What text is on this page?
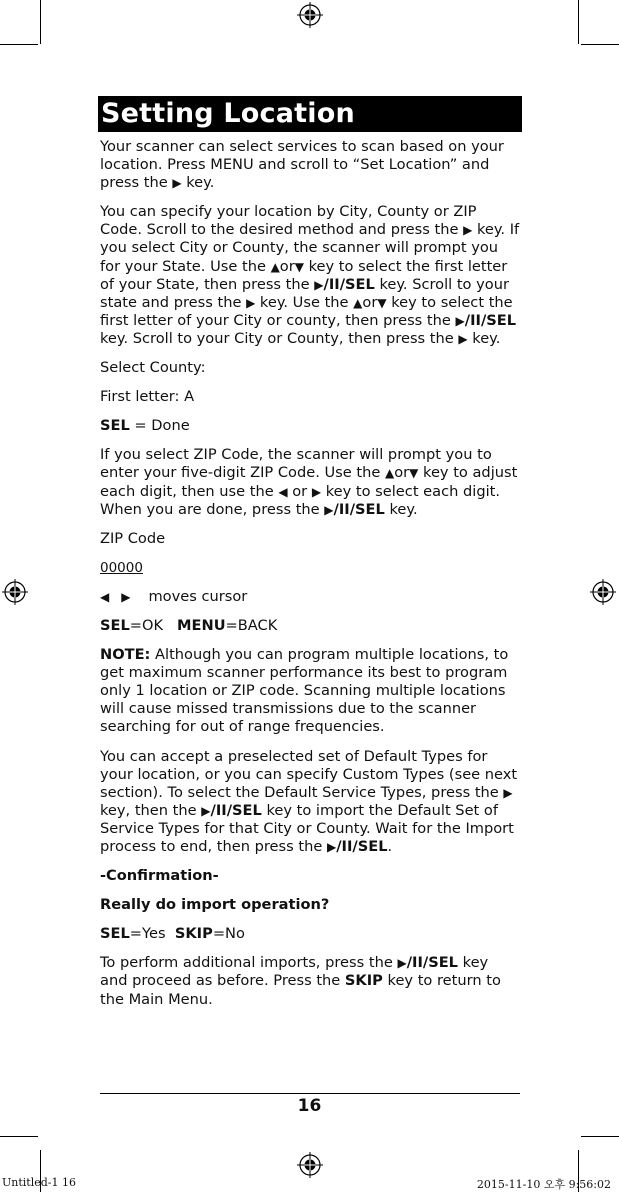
Setting Location

Your scanner can select services to scan based on your location. Press MENU and scroll to “Set Location” and press the ▶ key.

You can specify your location by City, County or ZIP Code. Scroll to the desired method and press the ▶ key. If you select City or County, the scanner will prompt you for your State. Use the ▲or▼ key to select the first letter of your State, then press the ▶/II/SEL key. Scroll to your state and press the ▶ key. Use the ▲or▼ key to select the first letter of your City or county, then press the ▶/II/SEL key. Scroll to your City or County, then press the ▶ key.

Select County:

First letter: A

SEL = Done

If you select ZIP Code, the scanner will prompt you to enter your five-digit ZIP Code. Use the ▲or▼ key to adjust each digit, then use the ◀ or ▶ key to select each digit. When you are done, press the ▶/II/SEL key.

ZIP Code

00000

◀ ▶ moves cursor

SEL=OK   MENU=BACK

NOTE: Although you can program multiple locations, to get maximum scanner performance its best to program only 1 location or ZIP code. Scanning multiple locations will cause missed transmissions due to the scanner searching for out of range frequencies.

You can accept a preselected set of Default Types for your location, or you can specify Custom Types (see next section). To select the Default Service Types, press the ▶ key, then the ▶/II/SEL key to import the Default Set of Service Types for that City or County. Wait for the Import process to end, then press the ▶/II/SEL.

-Confirmation-

Really do import operation?

SEL=Yes  SKIP=No

To perform additional imports, press the ▶/II/SEL key and proceed as before. Press the SKIP key to return to the Main Menu.

16
Untitled-1 16	2015-11-10 오후 9:56:02
